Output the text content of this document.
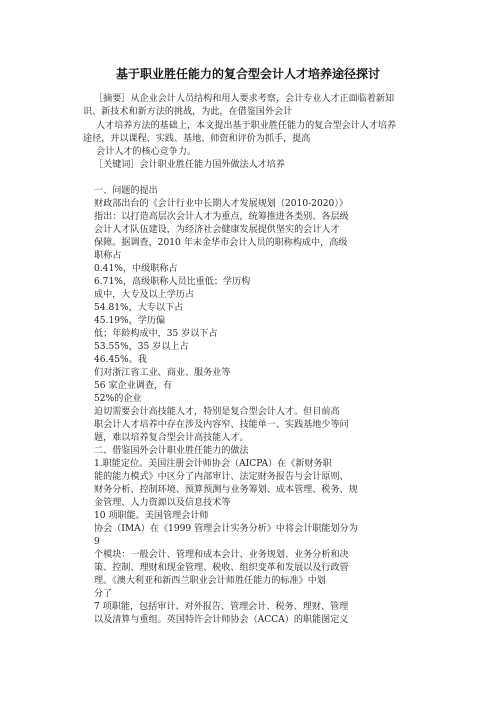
基于职业胜任能力的复合型会计人才培养途径探讨
［摘要］从企业会计人员结构和用人要求考察，会计专业人才正面临着新知
识、新技术和新方法的挑战，为此，在借鉴国外会计
人才培养方法的基础上，本文提出基于职业胜任能力的复合型会计人才培养
途径，并以课程、实践、基地、师资和评价为抓手，提高
会计人才的核心竞争力。
［关键词］会计职业胜任能力国外做法人才培养
一、问题的提出
财政部出台的《会计行业中长期人才发展规划（2010-2020）》
指出：以打造高层次会计人才为重点，统筹推进各类别、各层级
会计人才队伍建设，为经济社会健康发展提供坚实的会计人才
保障。据调查，2010 年末金华市会计人员的职称构成中，高级
职称占
0.41%，中级职称占
6.71%，高级职称人员比重低；学历构
成中，大专及以上学历占
54.81%，大专以下占
45.19%，学历偏
低；年龄构成中，35 岁以下占
53.55%，35 岁以上占
46.45%。我
们对浙江省工业、商业、服务业等
56 家企业调查，有
52%的企业
迫切需要会计高技能人才，特别是复合型会计人才。但目前高
职会计人才培养中存在涉及内容窄、技能单一、实践基地少等问
题，难以培养复合型会计高技能人才。
二、借鉴国外会计职业胜任能力的做法
1.职能定位。美国注册会计师协会（AICPA）在《新财务职
能的能力模式》中区分了内部审计、法定财务报告与会计原则、
财务分析、控制环境、预算预测与业务筹划、成本管理、税务、规
金管理、人力资源以及信息技术等
10 项职能。美国管理会计师
协会（IMA）在《1999 管理会计实务分析》中将会计职能划分为
9
个模块：一般会计、管理和成本会计、业务规划、业务分析和决
策、控制、理财和现金管理、税收、组织变革和发展以及行政管
理。《澳大利亚和新西兰职业会计师胜任能力的标准》中划
分了
7 项职能，包括审计、对外报告、管理会计、税务、理财、管理
以及清算与重组。英国特许会计师协会（ACCA）的职能图定义
